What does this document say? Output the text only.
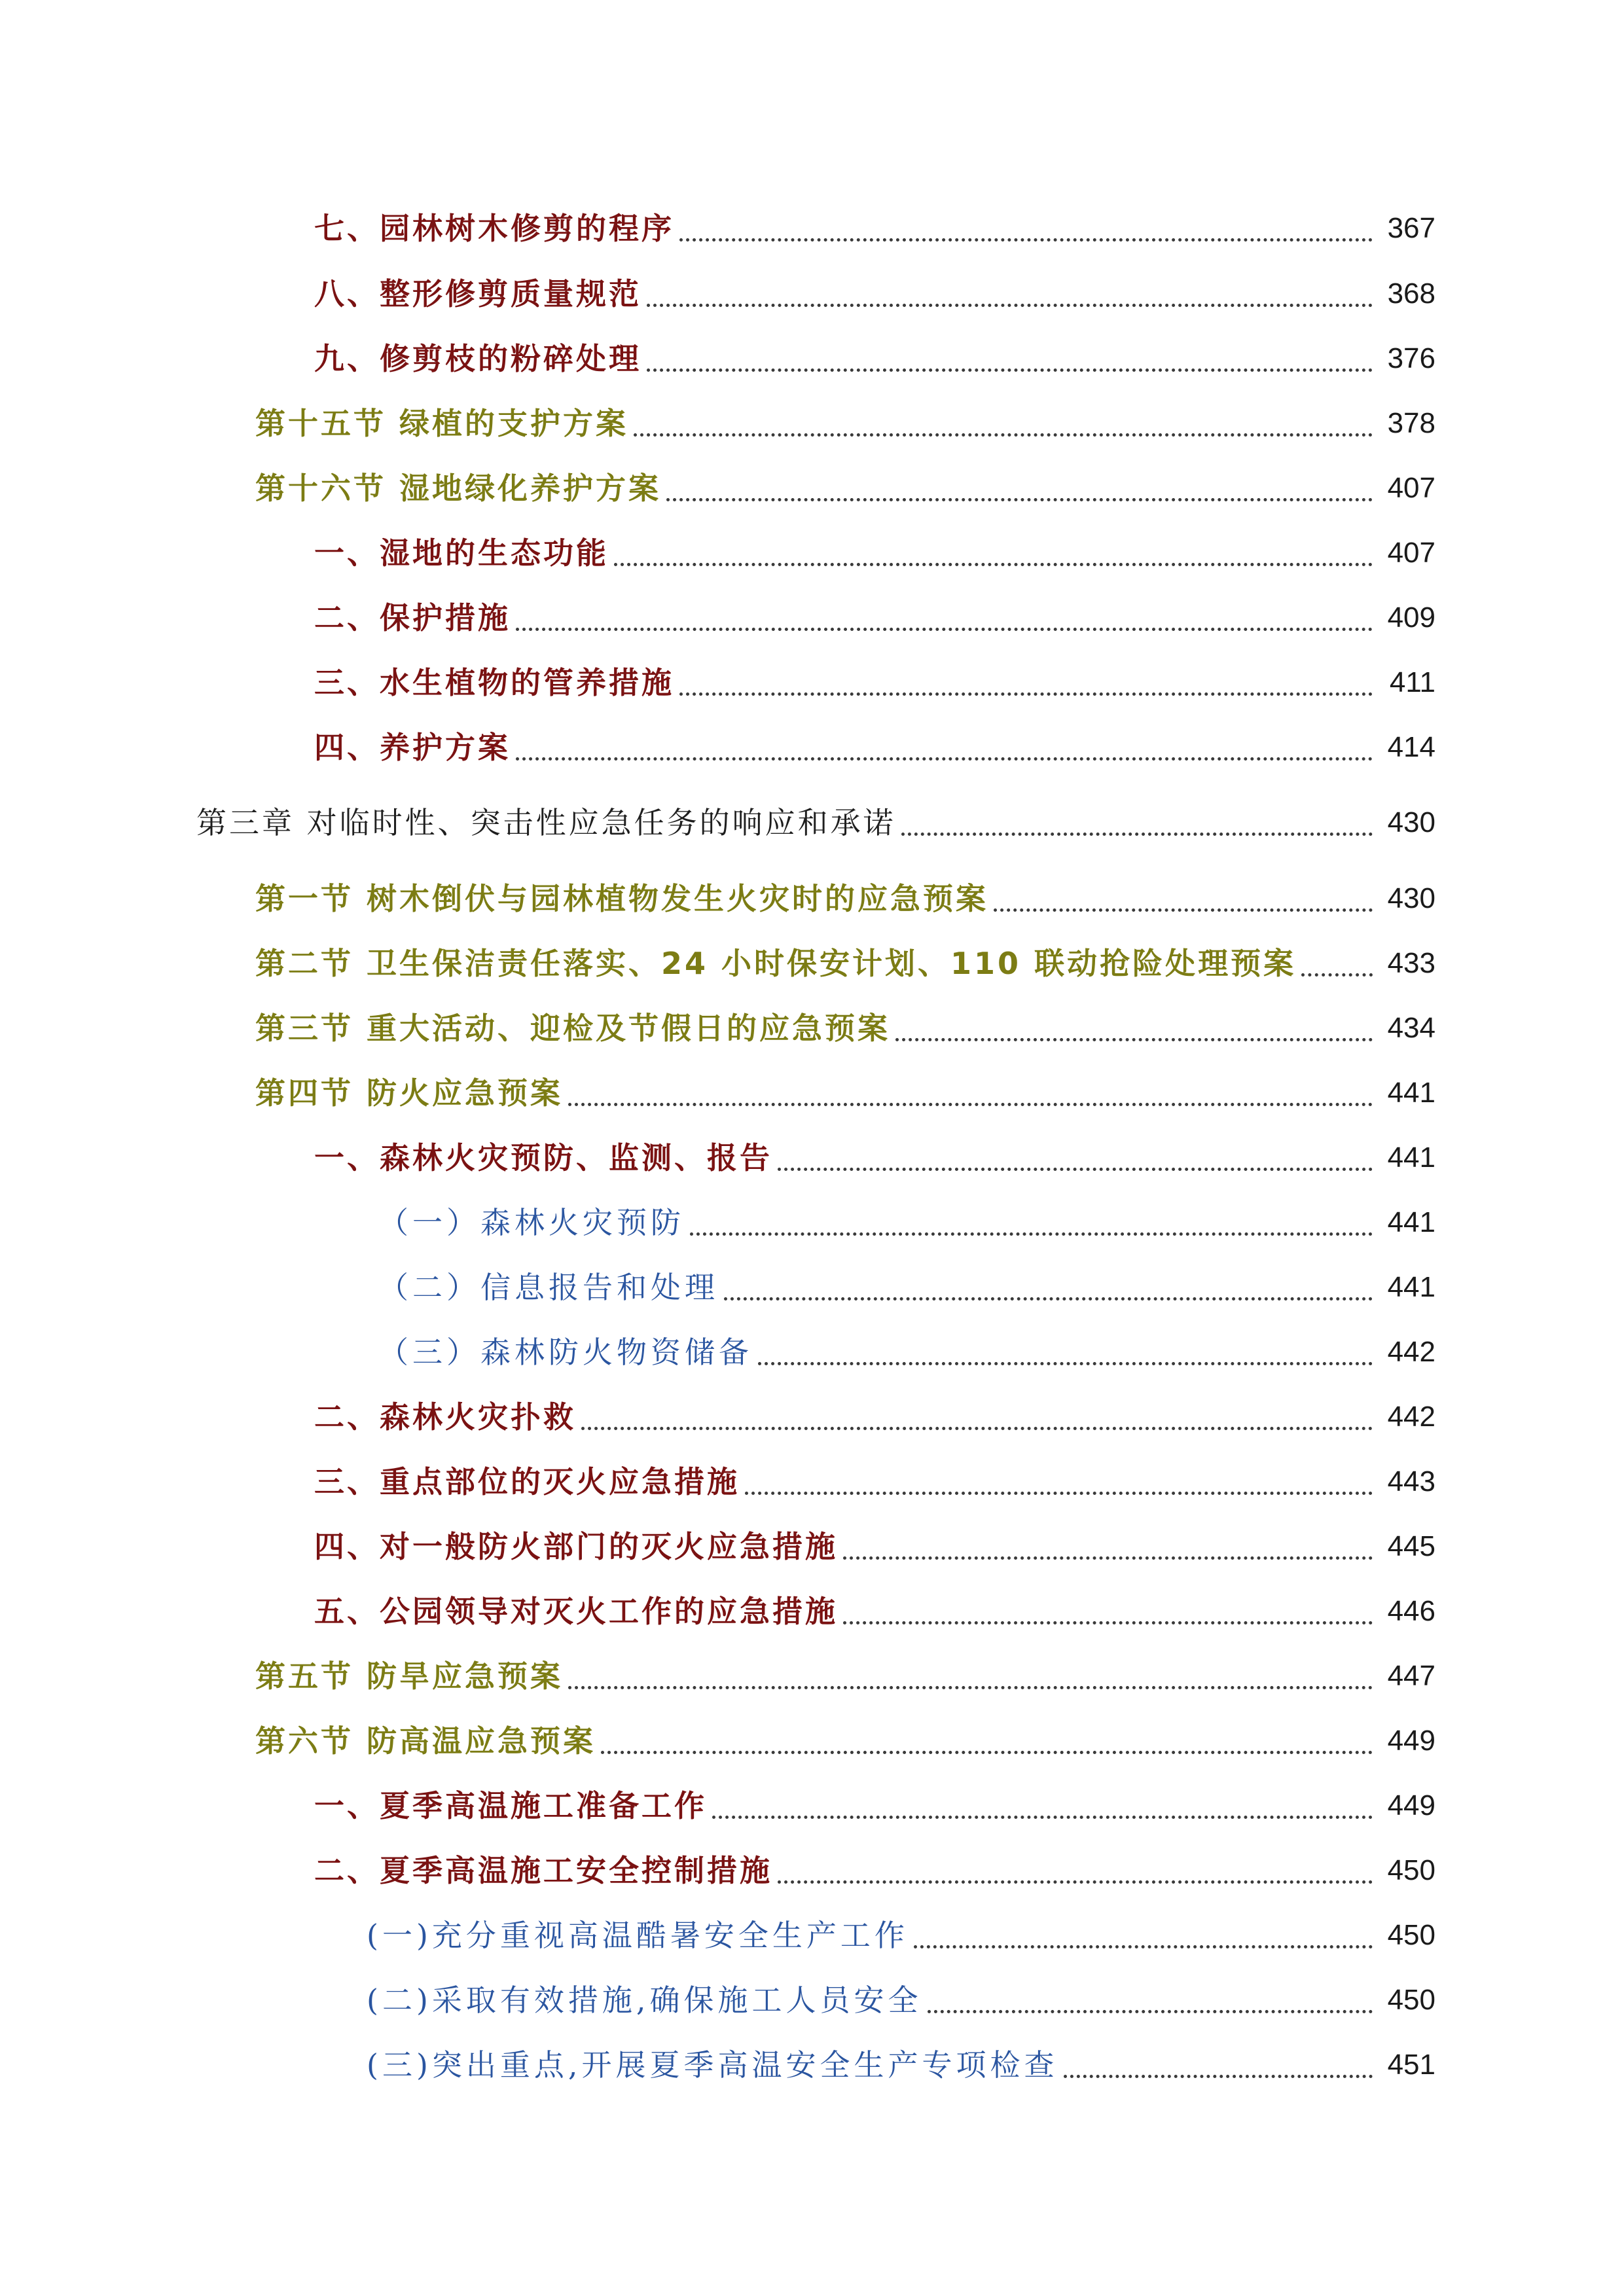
七、园林树木修剪的程序	367
八、整形修剪质量规范	368
九、修剪枝的粉碎处理	376
第十五节 绿植的支护方案	378
第十六节 湿地绿化养护方案	407
一、湿地的生态功能	407
二、保护措施	409
三、水生植物的管养措施	411
四、养护方案	414
第三章 对临时性、突击性应急任务的响应和承诺	430
第一节 树木倒伏与园林植物发生火灾时的应急预案	430
第二节 卫生保洁责任落实、24 小时保安计划、110 联动抢险处理预案	433
第三节 重大活动、迎检及节假日的应急预案	434
第四节 防火应急预案	441
一、森林火灾预防、监测、报告	441
（一）森林火灾预防	441
（二）信息报告和处理	441
（三）森林防火物资储备	442
二、森林火灾扑救	442
三、重点部位的灭火应急措施	443
四、对一般防火部门的灭火应急措施	445
五、公园领导对灭火工作的应急措施	446
第五节 防旱应急预案	447
第六节 防高温应急预案	449
一、夏季高温施工准备工作	449
二、夏季高温施工安全控制措施	450
(一)充分重视高温酷暑安全生产工作	450
(二)采取有效措施,确保施工人员安全	450
(三)突出重点,开展夏季高温安全生产专项检查	451
